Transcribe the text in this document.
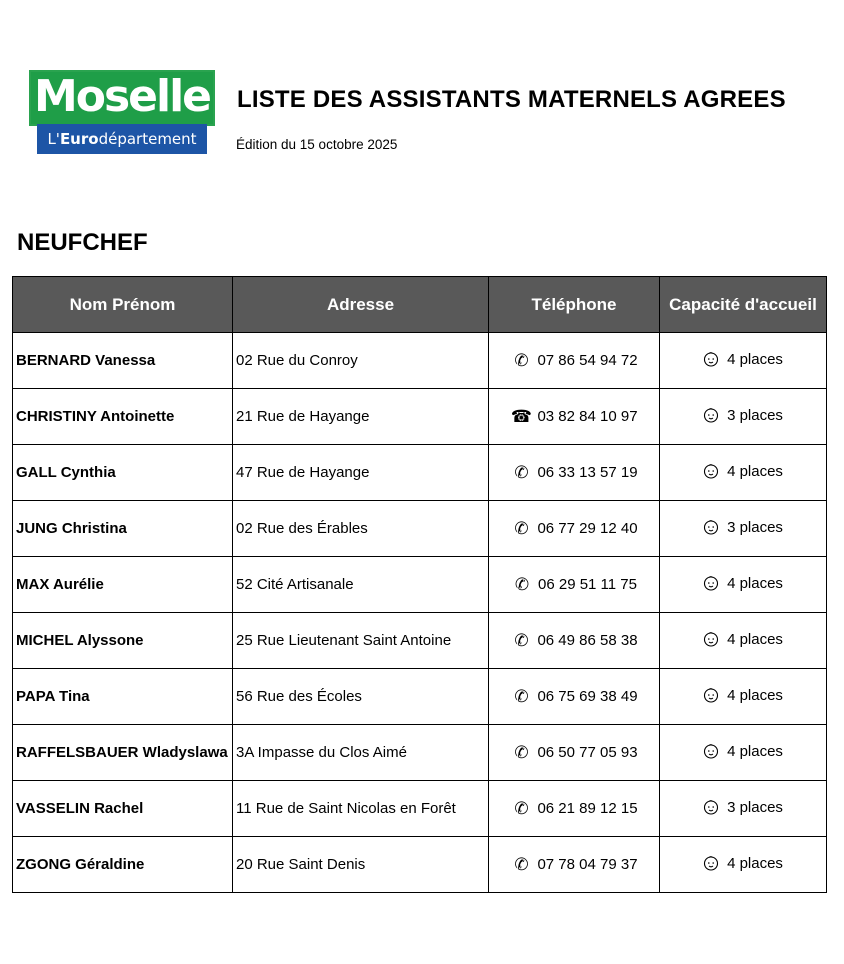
Moselle
L'Eurodépartement
LISTE DES ASSISTANTS MATERNELS AGREES
Édition du 15 octobre 2025
NEUFCHEF
Nom Prénom	Adresse	Téléphone	Capacité d'accueil
BERNARD Vanessa	02 Rue du Conroy	✆ 07 86 54 94 72	4 places
CHRISTINY Antoinette	21 Rue de Hayange	☎ 03 82 84 10 97	3 places
GALL Cynthia	47 Rue de Hayange	✆ 06 33 13 57 19	4 places
JUNG Christina	02 Rue des Érables	✆ 06 77 29 12 40	3 places
MAX Aurélie	52 Cité Artisanale	✆ 06 29 51 11 75	4 places
MICHEL Alyssone	25 Rue Lieutenant Saint Antoine	✆ 06 49 86 58 38	4 places
PAPA Tina	56 Rue des Écoles	✆ 06 75 69 38 49	4 places
RAFFELSBAUER Wladyslawa	3A Impasse du Clos Aimé	✆ 06 50 77 05 93	4 places
VASSELIN Rachel	11 Rue de Saint Nicolas en Forêt	✆ 06 21 89 12 15	3 places
ZGONG Géraldine	20 Rue Saint Denis	✆ 07 78 04 79 37	4 places
